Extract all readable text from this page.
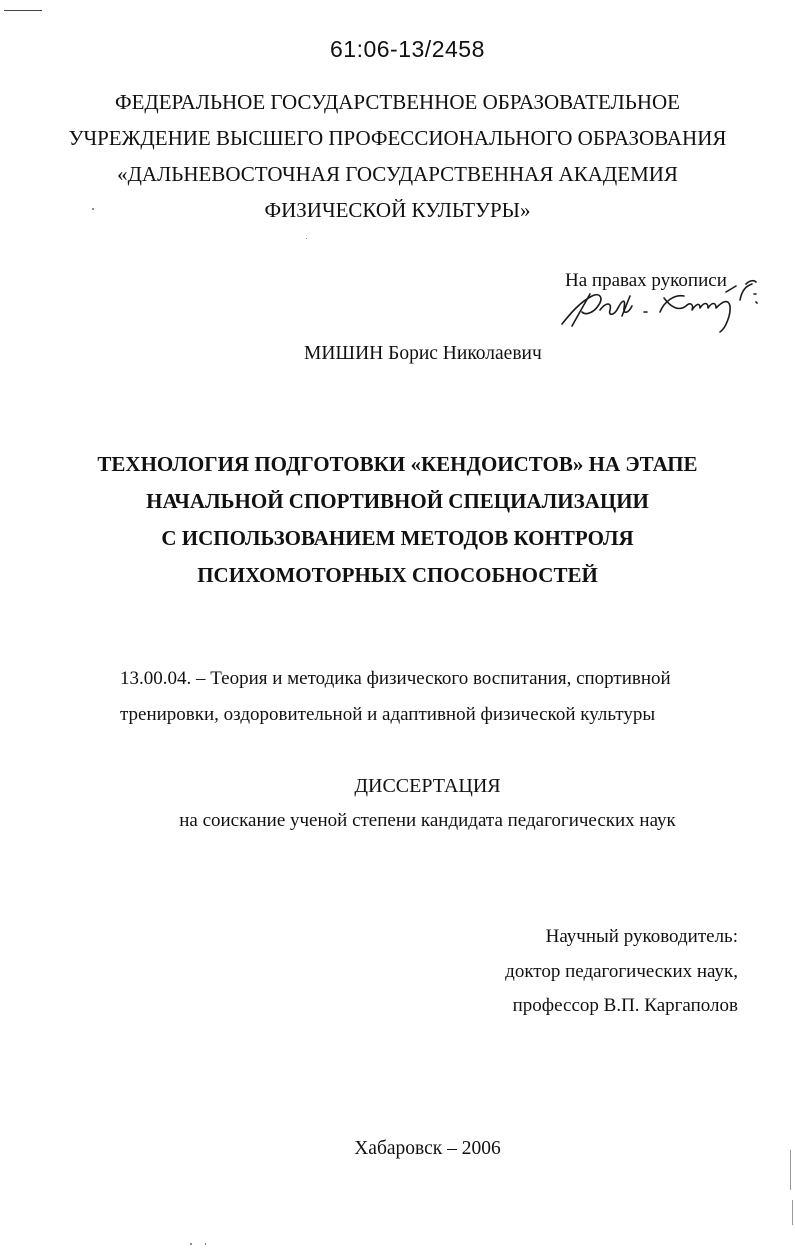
61:06-13/2458
ФЕДЕРАЛЬНОЕ ГОСУДАРСТВЕННОЕ ОБРАЗОВАТЕЛЬНОЕ
УЧРЕЖДЕНИЕ ВЫСШЕГО ПРОФЕССИОНАЛЬНОГО ОБРАЗОВАНИЯ
«ДАЛЬНЕВОСТОЧНАЯ ГОСУДАРСТВЕННАЯ АКАДЕМИЯ
ФИЗИЧЕСКОЙ КУЛЬТУРЫ»
На правах рукописи
МИШИН Борис Николаевич
ТЕХНОЛОГИЯ ПОДГОТОВКИ «КЕНДОИСТОВ» НА ЭТАПЕ
НАЧАЛЬНОЙ СПОРТИВНОЙ СПЕЦИАЛИЗАЦИИ
С ИСПОЛЬЗОВАНИЕМ МЕТОДОВ КОНТРОЛЯ
ПСИХОМОТОРНЫХ СПОСОБНОСТЕЙ
13.00.04. – Теория и методика физического воспитания, спортивной
тренировки, оздоровительной и адаптивной физической культуры
ДИССЕРТАЦИЯ
на соискание ученой степени кандидата педагогических наук
Научный руководитель:
доктор педагогических наук,
профессор В.П. Каргаполов
Хабаровск – 2006
